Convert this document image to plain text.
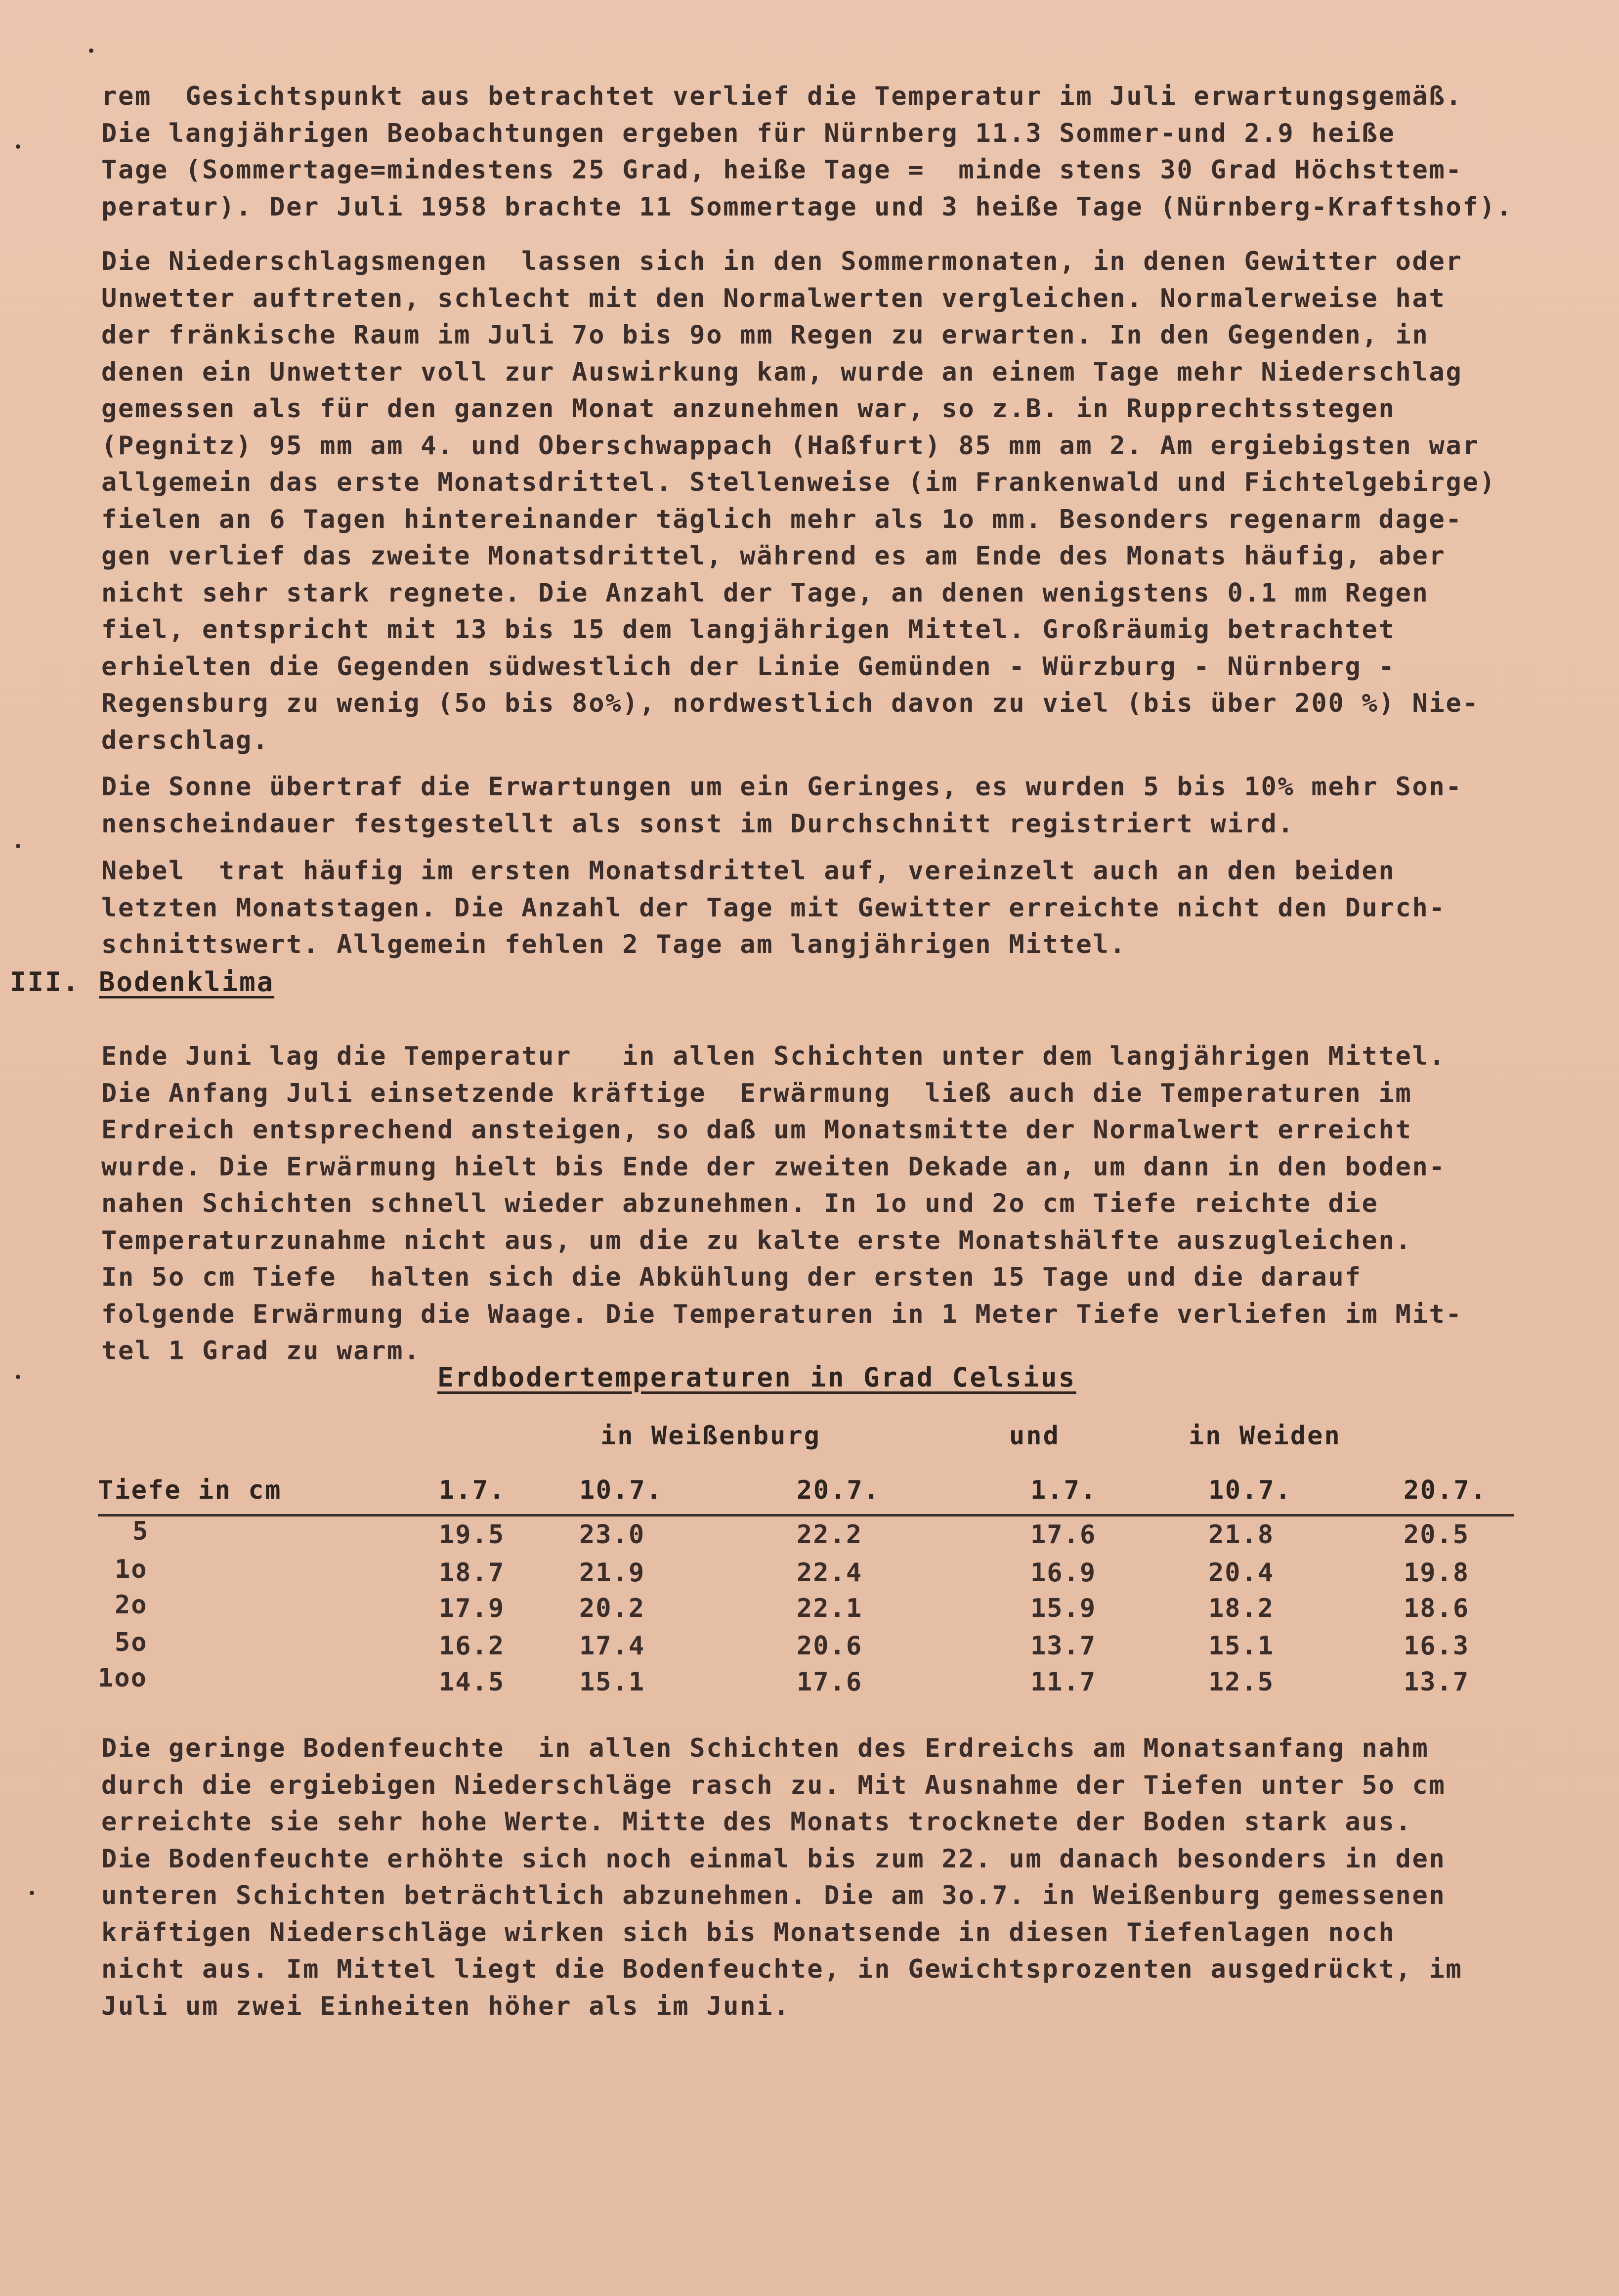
rem  Gesichtspunkt aus betrachtet verlief die Temperatur im Juli erwartungsgemäß.
Die langjährigen Beobachtungen ergeben für Nürnberg 11.3 Sommer-und 2.9 heiße
Tage (Sommertage=mindestens 25 Grad, heiße Tage =  minde stens 30 Grad Höchsttem-
peratur). Der Juli 1958 brachte 11 Sommertage und 3 heiße Tage (Nürnberg-Kraftshof).
Die Niederschlagsmengen  lassen sich in den Sommermonaten, in denen Gewitter oder
Unwetter auftreten, schlecht mit den Normalwerten vergleichen. Normalerweise hat
der fränkische Raum im Juli 7o bis 9o mm Regen zu erwarten. In den Gegenden, in
denen ein Unwetter voll zur Auswirkung kam, wurde an einem Tage mehr Niederschlag
gemessen als für den ganzen Monat anzunehmen war, so z.B. in Rupprechtsstegen
(Pegnitz) 95 mm am 4. und Oberschwappach (Haßfurt) 85 mm am 2. Am ergiebigsten war
allgemein das erste Monatsdrittel. Stellenweise (im Frankenwald und Fichtelgebirge)
fielen an 6 Tagen hintereinander täglich mehr als 1o mm. Besonders regenarm dage-
gen verlief das zweite Monatsdrittel, während es am Ende des Monats häufig, aber
nicht sehr stark regnete. Die Anzahl der Tage, an denen wenigstens 0.1 mm Regen
fiel, entspricht mit 13 bis 15 dem langjährigen Mittel. Großräumig betrachtet
erhielten die Gegenden südwestlich der Linie Gemünden - Würzburg - Nürnberg -
Regensburg zu wenig (5o bis 8o%), nordwestlich davon zu viel (bis über 200 %) Nie-
derschlag.
Die Sonne übertraf die Erwartungen um ein Geringes, es wurden 5 bis 10% mehr Son-
nenscheindauer festgestellt als sonst im Durchschnitt registriert wird.
Nebel  trat häufig im ersten Monatsdrittel auf, vereinzelt auch an den beiden
letzten Monatstagen. Die Anzahl der Tage mit Gewitter erreichte nicht den Durch-
schnittswert. Allgemein fehlen 2 Tage am langjährigen Mittel.
III. Bodenklima
Ende Juni lag die Temperatur   in allen Schichten unter dem langjährigen Mittel.
Die Anfang Juli einsetzende kräftige  Erwärmung  ließ auch die Temperaturen im
Erdreich entsprechend ansteigen, so daß um Monatsmitte der Normalwert erreicht
wurde. Die Erwärmung hielt bis Ende der zweiten Dekade an, um dann in den boden-
nahen Schichten schnell wieder abzunehmen. In 1o und 2o cm Tiefe reichte die
Temperaturzunahme nicht aus, um die zu kalte erste Monatshälfte auszugleichen.
In 5o cm Tiefe  halten sich die Abkühlung der ersten 15 Tage und die darauf
folgende Erwärmung die Waage. Die Temperaturen in 1 Meter Tiefe verliefen im Mit-
tel 1 Grad zu warm.
Erdbodertemperaturen in Grad Celsius
in Weißenburg	und	in Weiden
Tiefe in cm	1.7.	10.7.	20.7.	1.7.	10.7.	20.7.
5	19.5	23.0	22.2	17.6	21.8	20.5
1o	18.7	21.9	22.4	16.9	20.4	19.8
2o	17.9	20.2	22.1	15.9	18.2	18.6
5o	16.2	17.4	20.6	13.7	15.1	16.3
1oo	14.5	15.1	17.6	11.7	12.5	13.7
Die geringe Bodenfeuchte  in allen Schichten des Erdreichs am Monatsanfang nahm
durch die ergiebigen Niederschläge rasch zu. Mit Ausnahme der Tiefen unter 5o cm
erreichte sie sehr hohe Werte. Mitte des Monats trocknete der Boden stark aus.
Die Bodenfeuchte erhöhte sich noch einmal bis zum 22. um danach besonders in den
unteren Schichten beträchtlich abzunehmen. Die am 3o.7. in Weißenburg gemessenen
kräftigen Niederschläge wirken sich bis Monatsende in diesen Tiefenlagen noch
nicht aus. Im Mittel liegt die Bodenfeuchte, in Gewichtsprozenten ausgedrückt, im
Juli um zwei Einheiten höher als im Juni.
